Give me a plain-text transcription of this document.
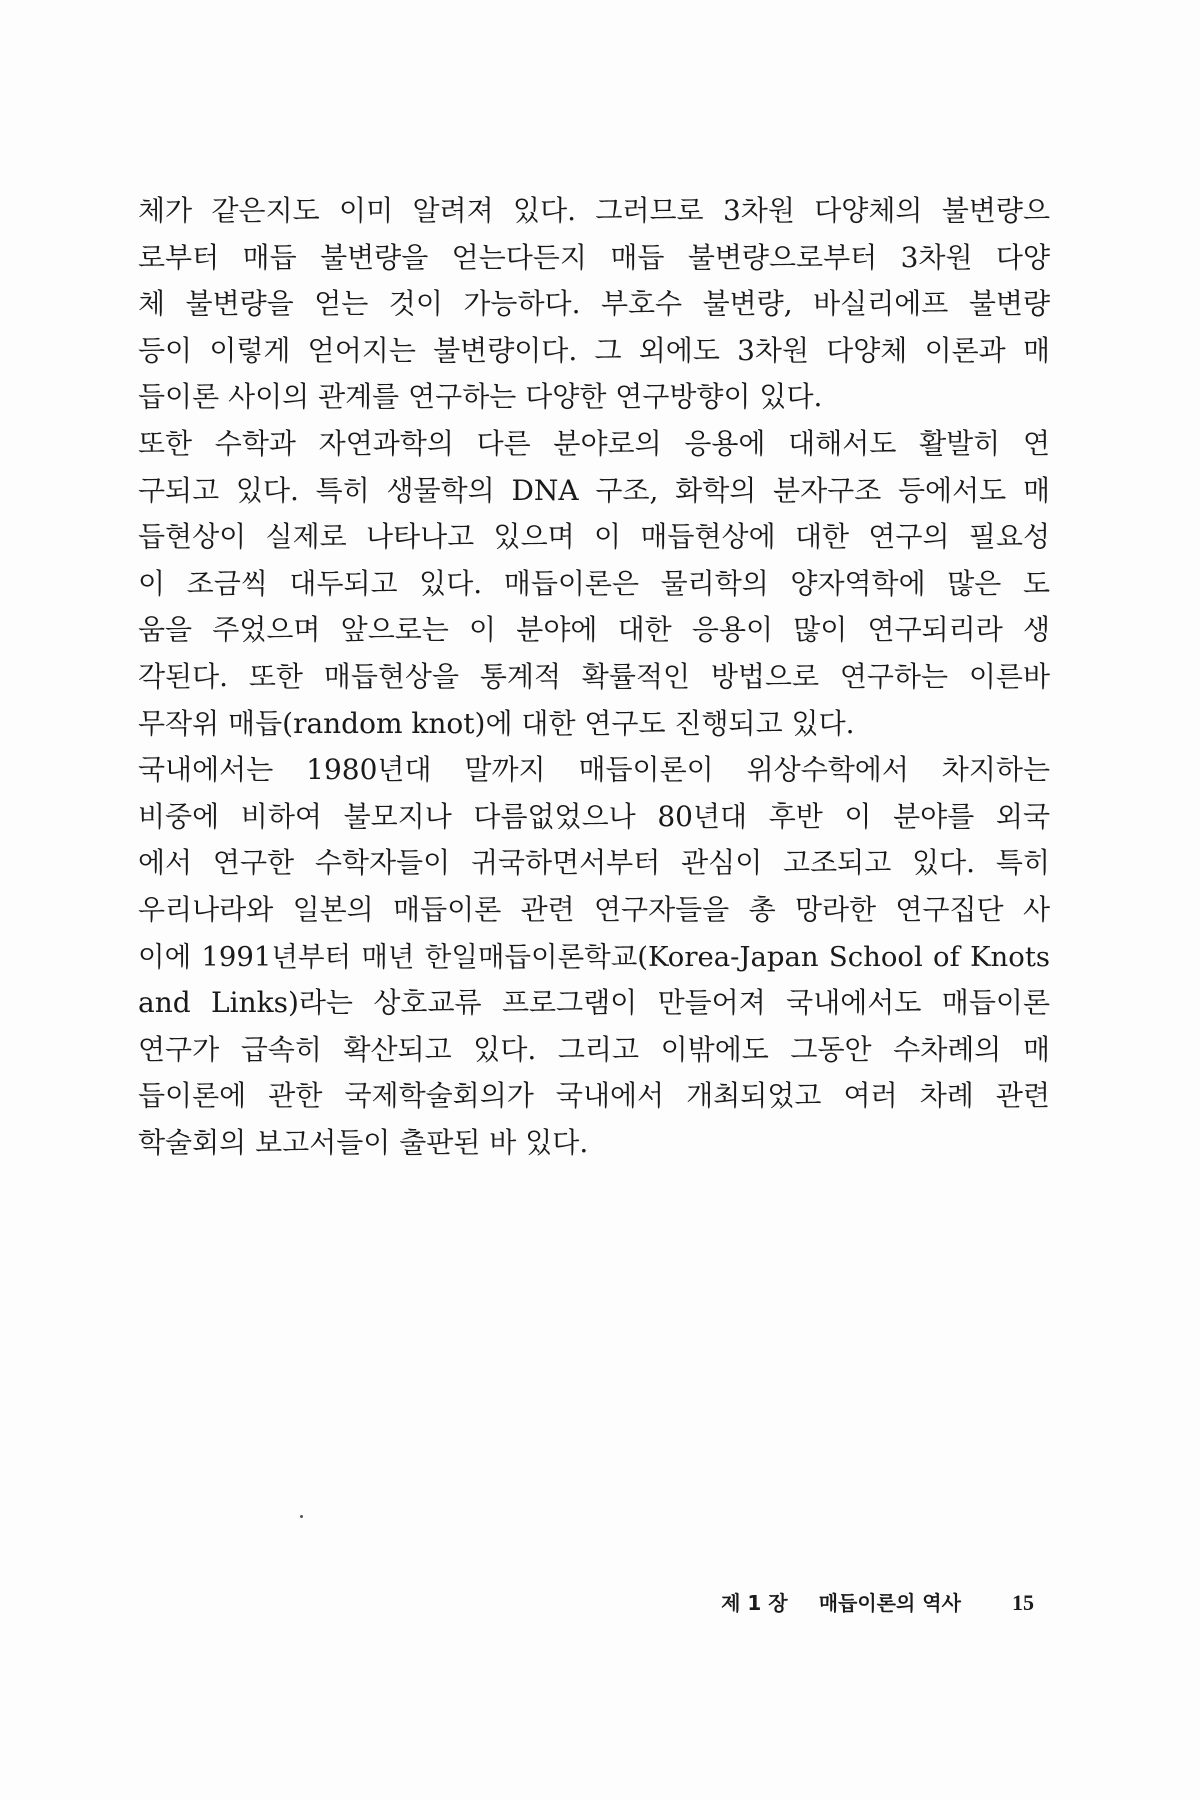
체가 같은지도 이미 알려져 있다. 그러므로 3차원 다양체의 불변량으
로부터 매듭 불변량을 얻는다든지 매듭 불변량으로부터 3차원 다양
체 불변량을 얻는 것이 가능하다. 부호수 불변량, 바실리에프 불변량
등이 이렇게 얻어지는 불변량이다. 그 외에도 3차원 다양체 이론과 매
듭이론 사이의 관계를 연구하는 다양한 연구방향이 있다.
또한 수학과 자연과학의 다른 분야로의 응용에 대해서도 활발히 연
구되고 있다. 특히 생물학의 DNA 구조, 화학의 분자구조 등에서도 매
듭현상이 실제로 나타나고 있으며 이 매듭현상에 대한 연구의 필요성
이 조금씩 대두되고 있다. 매듭이론은 물리학의 양자역학에 많은 도
움을 주었으며 앞으로는 이 분야에 대한 응용이 많이 연구되리라 생
각된다. 또한 매듭현상을 통계적 확률적인 방법으로 연구하는 이른바
무작위 매듭(random knot)에 대한 연구도 진행되고 있다.
국내에서는 1980년대 말까지 매듭이론이 위상수학에서 차지하는
비중에 비하여 불모지나 다름없었으나 80년대 후반 이 분야를 외국
에서 연구한 수학자들이 귀국하면서부터 관심이 고조되고 있다. 특히
우리나라와 일본의 매듭이론 관련 연구자들을 총 망라한 연구집단 사
이에 1991년부터 매년 한일매듭이론학교(Korea-Japan School of Knots
and Links)라는 상호교류 프로그램이 만들어져 국내에서도 매듭이론
연구가 급속히 확산되고 있다. 그리고 이밖에도 그동안 수차례의 매
듭이론에 관한 국제학술회의가 국내에서 개최되었고 여러 차례 관련
학술회의 보고서들이 출판된 바 있다.
제 1 장 매듭이론의 역사 15
